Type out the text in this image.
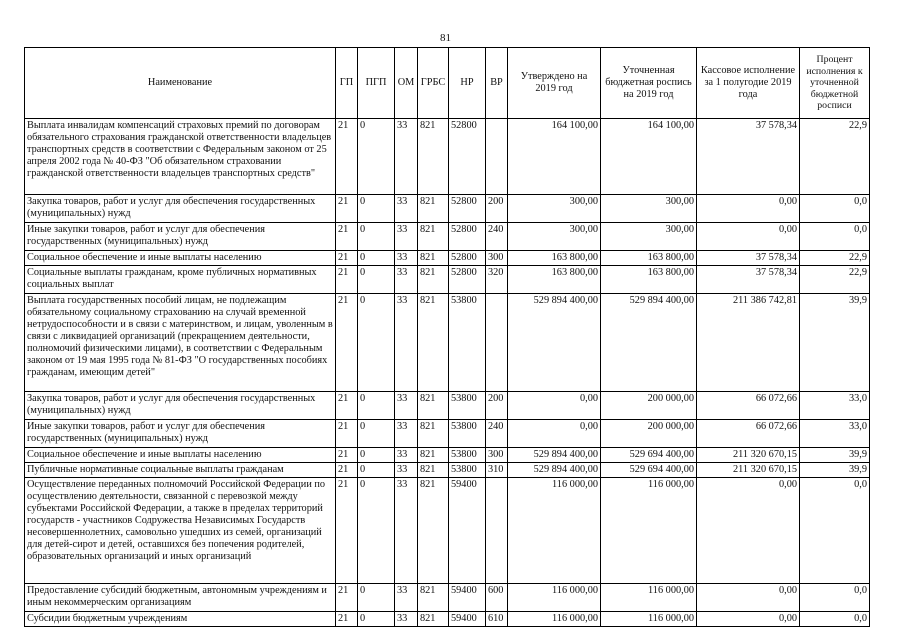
81
Наименование	ГП	ПГП	ОМ	ГРБС	НР	ВР	Утверждено на 2019 год	Уточненная бюджетная роспись на 2019 год	Кассовое исполнение за 1 полугодие 2019 года	Процент исполнения к уточненной бюджетной росписи
Выплата инвалидам компенсаций страховых премий по договорам обязательного страхования гражданской ответственности владельцев транспортных средств в соответствии с Федеральным законом от 25 апреля 2002 года № 40-ФЗ "Об обязательном страховании гражданской ответственности владельцев транспортных средств"	21	0	33	821	52800		164 100,00	164 100,00	37 578,34	22,9
Закупка товаров, работ и услуг для обеспечения государственных (муниципальных) нужд	21	0	33	821	52800	200	300,00	300,00	0,00	0,0
Иные закупки товаров, работ и услуг для обеспечения государственных (муниципальных) нужд	21	0	33	821	52800	240	300,00	300,00	0,00	0,0
Социальное обеспечение и иные выплаты населению	21	0	33	821	52800	300	163 800,00	163 800,00	37 578,34	22,9
Социальные выплаты гражданам, кроме публичных нормативных социальных выплат	21	0	33	821	52800	320	163 800,00	163 800,00	37 578,34	22,9
Выплата государственных пособий лицам, не подлежащим обязательному социальному страхованию на случай временной нетрудоспособности и в связи с материнством, и лицам, уволенным в связи с ликвидацией организаций (прекращением деятельности, полномочий физическими лицами), в соответствии с Федеральным законом от 19 мая 1995 года № 81-ФЗ "О государственных пособиях гражданам, имеющим детей"	21	0	33	821	53800		529 894 400,00	529 894 400,00	211 386 742,81	39,9
Закупка товаров, работ и услуг для обеспечения государственных (муниципальных) нужд	21	0	33	821	53800	200	0,00	200 000,00	66 072,66	33,0
Иные закупки товаров, работ и услуг для обеспечения государственных (муниципальных) нужд	21	0	33	821	53800	240	0,00	200 000,00	66 072,66	33,0
Социальное обеспечение и иные выплаты населению	21	0	33	821	53800	300	529 894 400,00	529 694 400,00	211 320 670,15	39,9
Публичные нормативные социальные выплаты гражданам	21	0	33	821	53800	310	529 894 400,00	529 694 400,00	211 320 670,15	39,9
Осуществление переданных полномочий Российской Федерации по осуществлению деятельности, связанной с перевозкой между субъектами Российской Федерации, а также в пределах территорий государств - участников Содружества Независимых Государств несовершеннолетних, самовольно ушедших из семей, организаций для детей-сирот и детей, оставшихся без попечения родителей, образовательных организаций и иных организаций	21	0	33	821	59400		116 000,00	116 000,00	0,00	0,0
Предоставление субсидий бюджетным, автономным учреждениям и иным некоммерческим организациям	21	0	33	821	59400	600	116 000,00	116 000,00	0,00	0,0
Субсидии бюджетным учреждениям	21	0	33	821	59400	610	116 000,00	116 000,00	0,00	0,0
